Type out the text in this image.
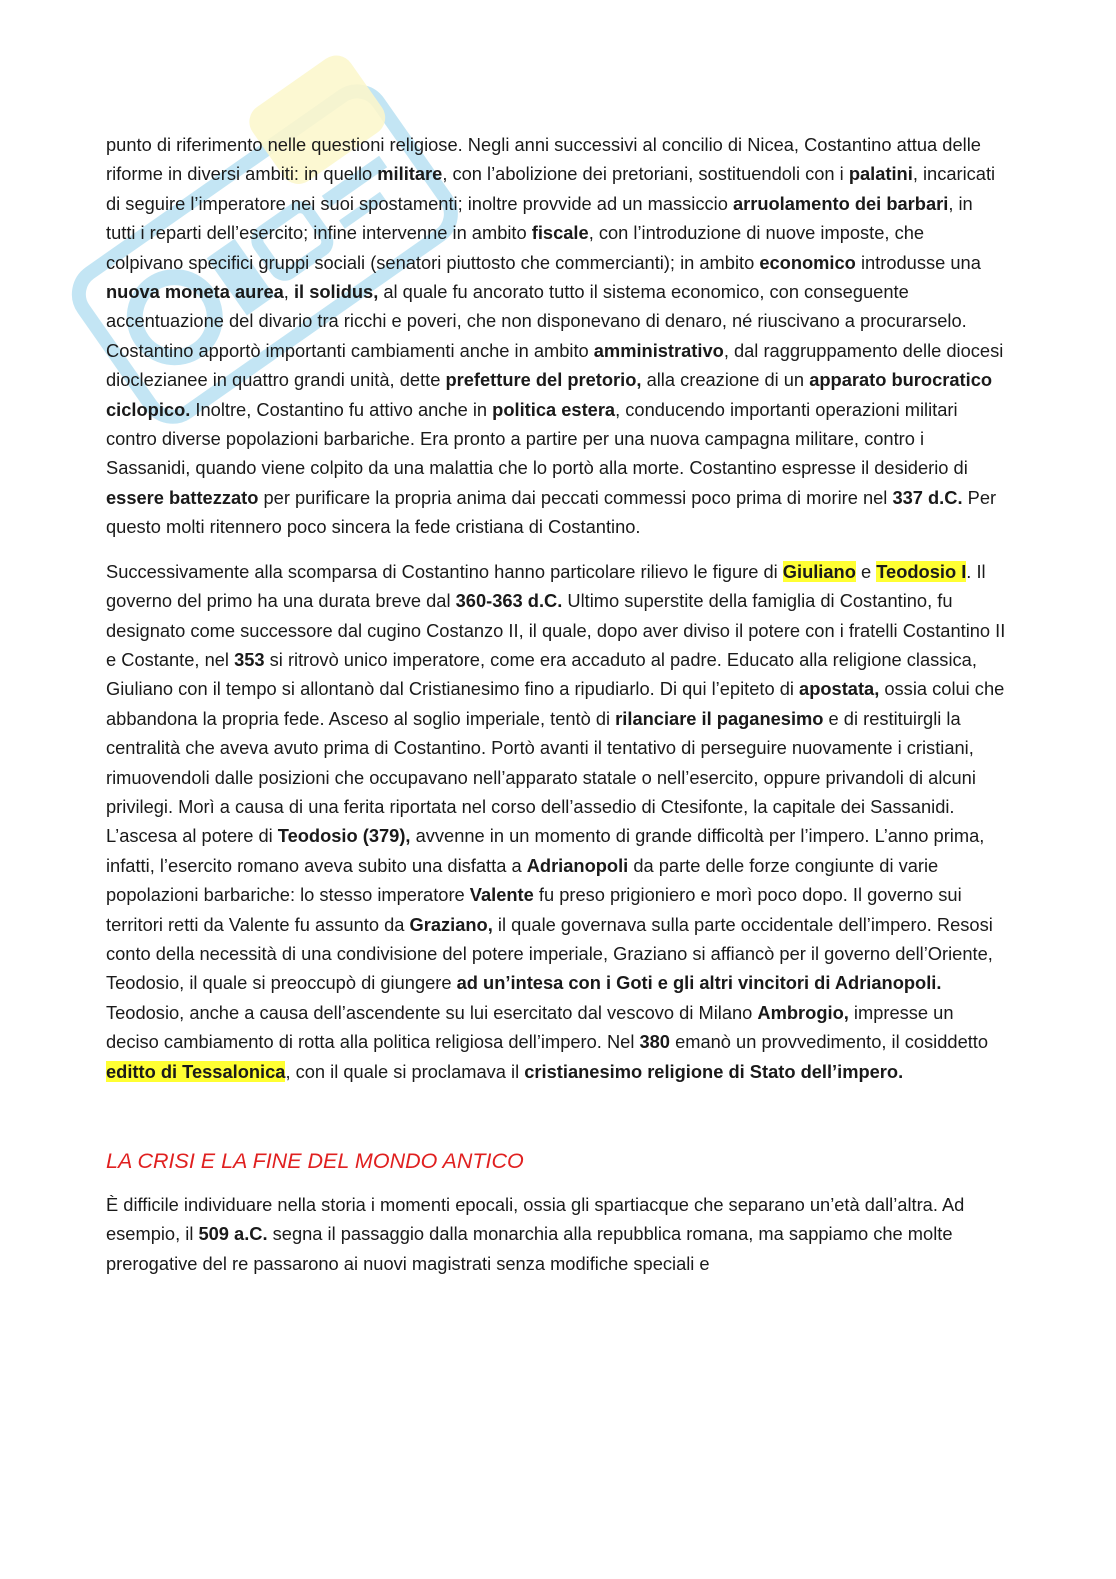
punto di riferimento nelle questioni religiose. Negli anni successivi al concilio di Nicea, Costantino attua delle riforme in diversi ambiti: in quello militare, con l’abolizione dei pretoriani, sostituendoli con i palatini, incaricati di seguire l’imperatore nei suoi spostamenti; inoltre provvide ad un massiccio arruolamento dei barbari, in tutti i reparti dell’esercito; infine intervenne in ambito fiscale, con l’introduzione di nuove imposte, che colpivano specifici gruppi sociali (senatori piuttosto che commercianti); in ambito economico introdusse una nuova moneta aurea, il solidus, al quale fu ancorato tutto il sistema economico, con conseguente accentuazione del divario tra ricchi e poveri, che non disponevano di denaro, né riuscivano a procurarselo. Costantino apportò importanti cambiamenti anche in ambito amministrativo, dal raggruppamento delle diocesi dioclezianee in quattro grandi unità, dette prefetture del pretorio, alla creazione di un apparato burocratico ciclopico. Inoltre, Costantino fu attivo anche in politica estera, conducendo importanti operazioni militari contro diverse popolazioni barbariche. Era pronto a partire per una nuova campagna militare, contro i Sassanidi, quando viene colpito da una malattia che lo portò alla morte. Costantino espresse il desiderio di essere battezzato per purificare la propria anima dai peccati commessi poco prima di morire nel 337 d.C. Per questo molti ritennero poco sincera la fede cristiana di Costantino.

Successivamente alla scomparsa di Costantino hanno particolare rilievo le figure di Giuliano e Teodosio I. Il governo del primo ha una durata breve dal 360-363 d.C. Ultimo superstite della famiglia di Costantino, fu designato come successore dal cugino Costanzo II, il quale, dopo aver diviso il potere con i fratelli Costantino II e Costante, nel 353 si ritrovò unico imperatore, come era accaduto al padre. Educato alla religione classica, Giuliano con il tempo si allontanò dal Cristianesimo fino a ripudiarlo. Di qui l’epiteto di apostata, ossia colui che abbandona la propria fede. Asceso al soglio imperiale, tentò di rilanciare il paganesimo e di restituirgli la centralità che aveva avuto prima di Costantino. Portò avanti il tentativo di perseguire nuovamente i cristiani, rimuovendoli dalle posizioni che occupavano nell’apparato statale o nell’esercito, oppure privandoli di alcuni privilegi. Morì a causa di una ferita riportata nel corso dell’assedio di Ctesifonte, la capitale dei Sassanidi. L’ascesa al potere di Teodosio (379), avvenne in un momento di grande difficoltà per l’impero. L’anno prima, infatti, l’esercito romano aveva subito una disfatta a Adrianopoli da parte delle forze congiunte di varie popolazioni barbariche: lo stesso imperatore Valente fu preso prigioniero e morì poco dopo. Il governo sui territori retti da Valente fu assunto da Graziano, il quale governava sulla parte occidentale dell’impero. Resosi conto della necessità di una condivisione del potere imperiale, Graziano si affiancò per il governo dell’Oriente, Teodosio, il quale si preoccupò di giungere ad un’intesa con i Goti e gli altri vincitori di Adrianopoli. Teodosio, anche a causa dell’ascendente su lui esercitato dal vescovo di Milano Ambrogio, impresse un deciso cambiamento di rotta alla politica religiosa dell’impero. Nel 380 emanò un provvedimento, il cosiddetto editto di Tessalonica, con il quale si proclamava il cristianesimo religione di Stato dell’impero.

LA CRISI E LA FINE DEL MONDO ANTICO

È difficile individuare nella storia i momenti epocali, ossia gli spartiacque che separano un’età dall’altra. Ad esempio, il 509 a.C. segna il passaggio dalla monarchia alla repubblica romana, ma sappiamo che molte prerogative del re passarono ai nuovi magistrati senza modifiche speciali e
